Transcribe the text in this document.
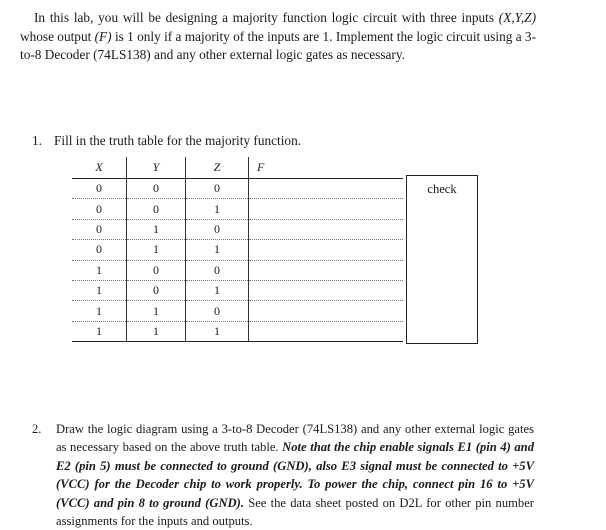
In this lab, you will be designing a majority function logic circuit with three inputs (X,Y,Z) whose output (F) is 1 only if a majority of the inputs are 1. Implement the logic circuit using a 3-to-8 Decoder (74LS138) and any other external logic gates as necessary.
1. Fill in the truth table for the majority function.
X	Y	Z	F
0	0	0	
0	0	1	
0	1	0	
0	1	1	
1	0	0	
1	0	1	
1	1	0	
1	1	1	
check
2. Draw the logic diagram using a 3-to-8 Decoder (74LS138) and any other external logic gates as necessary based on the above truth table. Note that the chip enable signals E1 (pin 4) and E2 (pin 5) must be connected to ground (GND), also E3 signal must be connected to +5V (VCC) for the Decoder chip to work properly. To power the chip, connect pin 16 to +5V (VCC) and pin 8 to ground (GND). See the data sheet posted on D2L for other pin number assignments for the inputs and outputs.
